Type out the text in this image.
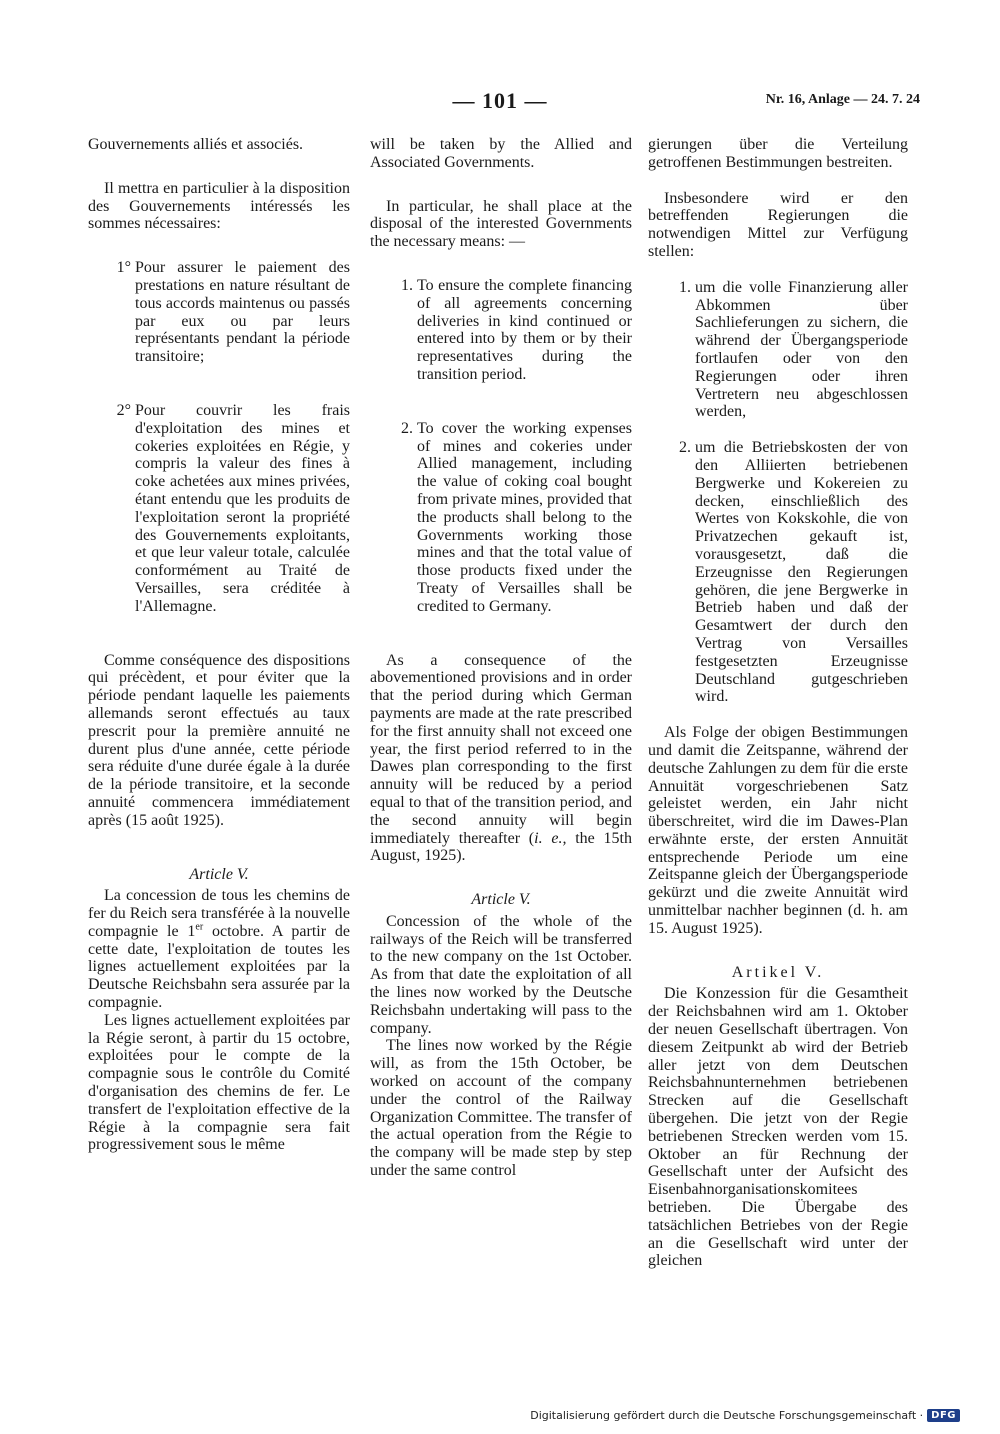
— 101 —	Nr. 16, Anlage — 24. 7. 24

Gouvernements alliés et associés.

Il mettra en particulier à la disposition des Gouvernements intéressés les sommes nécessaires:

1° Pour assurer le paiement des prestations en nature résultant de tous accords maintenus ou passés par eux ou par leurs représentants pendant la période transitoire;
2° Pour couvrir les frais d'exploitation des mines et cokeries exploitées en Régie, y compris la valeur des fines à coke achetées aux mines privées, étant entendu que les produits de l'exploitation seront la propriété des Gouvernements exploitants, et que leur valeur totale, calculée conformément au Traité de Versailles, sera créditée à l'Allemagne.

Comme conséquence des dispositions qui précèdent, et pour éviter que la période pendant laquelle les paiements allemands seront effectués au taux prescrit pour la première annuité ne durent plus d'une année, cette période sera réduite d'une durée égale à la durée de la période transitoire, et la seconde annuité commencera immédiatement après (15 août 1925).

Article V.

La concession de tous les chemins de fer du Reich sera transférée à la nouvelle compagnie le 1er octobre. A partir de cette date, l'exploitation de toutes les lignes actuellement exploitées par la Deutsche Reichsbahn sera assurée par la compagnie.

Les lignes actuellement exploitées par la Régie seront, à partir du 15 octobre, exploitées pour le compte de la compagnie sous le contrôle du Comité d'organisation des chemins de fer. Le transfert de l'exploitation effective de la Régie à la compagnie sera fait progressivement sous le même

will be taken by the Allied and Associated Governments.

In particular, he shall place at the disposal of the interested Governments the necessary means: —

1. To ensure the complete financing of all agreements concerning deliveries in kind continued or entered into by them or by their representatives during the transition period.
2. To cover the working expenses of mines and cokeries under Allied management, including the value of coking coal bought from private mines, provided that the products shall belong to the Governments working those mines and that the total value of those products fixed under the Treaty of Versailles shall be credited to Germany.

As a consequence of the abovementioned provisions and in order that the period during which German payments are made at the rate prescribed for the first annuity shall not exceed one year, the first period referred to in the Dawes plan corresponding to the first annuity will be reduced by a period equal to that of the transition period, and the second annuity will begin immediately thereafter (i. e., the 15th August, 1925).

Article V.

Concession of the whole of the railways of the Reich will be transferred to the new company on the 1st October. As from that date the exploitation of all the lines now worked by the Deutsche Reichsbahn undertaking will pass to the company.

The lines now worked by the Régie will, as from the 15th October, be worked on account of the company under the control of the Railway Organization Committee. The transfer of the actual operation from the Régie to the company will be made step by step under the same control

gierungen über die Verteilung getroffenen Bestimmungen bestreiten.

Insbesondere wird er den betreffenden Regierungen die notwendigen Mittel zur Verfügung stellen:

1. um die volle Finanzierung aller Abkommen über Sachlieferungen zu sichern, die während der Übergangsperiode fortlaufen oder von den Regierungen oder ihren Vertretern neu abgeschlossen werden,
2. um die Betriebskosten der von den Alliierten betriebenen Bergwerke und Kokereien zu decken, einschließlich des Wertes von Kokskohle, die von Privatzechen gekauft ist, vorausgesetzt, daß die Erzeugnisse den Regierungen gehören, die jene Bergwerke in Betrieb haben und daß der Gesamtwert der durch den Vertrag von Versailles festgesetzten Erzeugnisse Deutschland gutgeschrieben wird.

Als Folge der obigen Bestimmungen und damit die Zeitspanne, während der deutsche Zahlungen zu dem für die erste Annuität vorgeschriebenen Satz geleistet werden, ein Jahr nicht überschreitet, wird die im Dawes-Plan erwähnte erste, der ersten Annuität entsprechende Periode um eine Zeitspanne gleich der Übergangsperiode gekürzt und die zweite Annuität wird unmittelbar nachher beginnen (d. h. am 15. August 1925).

Artikel V.

Die Konzession für die Gesamtheit der Reichsbahnen wird am 1. Oktober der neuen Gesellschaft übertragen. Von diesem Zeitpunkt ab wird der Betrieb aller jetzt von dem Deutschen Reichsbahnunternehmen betriebenen Strecken auf die Gesellschaft übergehen. Die jetzt von der Regie betriebenen Strecken werden vom 15. Oktober an für Rechnung der Gesellschaft unter der Aufsicht des Eisenbahnorganisationskomitees betrieben. Die Übergabe des tatsächlichen Betriebes von der Regie an die Gesellschaft wird unter der gleichen

Digitalisierung gefördert durch die Deutsche Forschungsgemeinschaft · DFG
